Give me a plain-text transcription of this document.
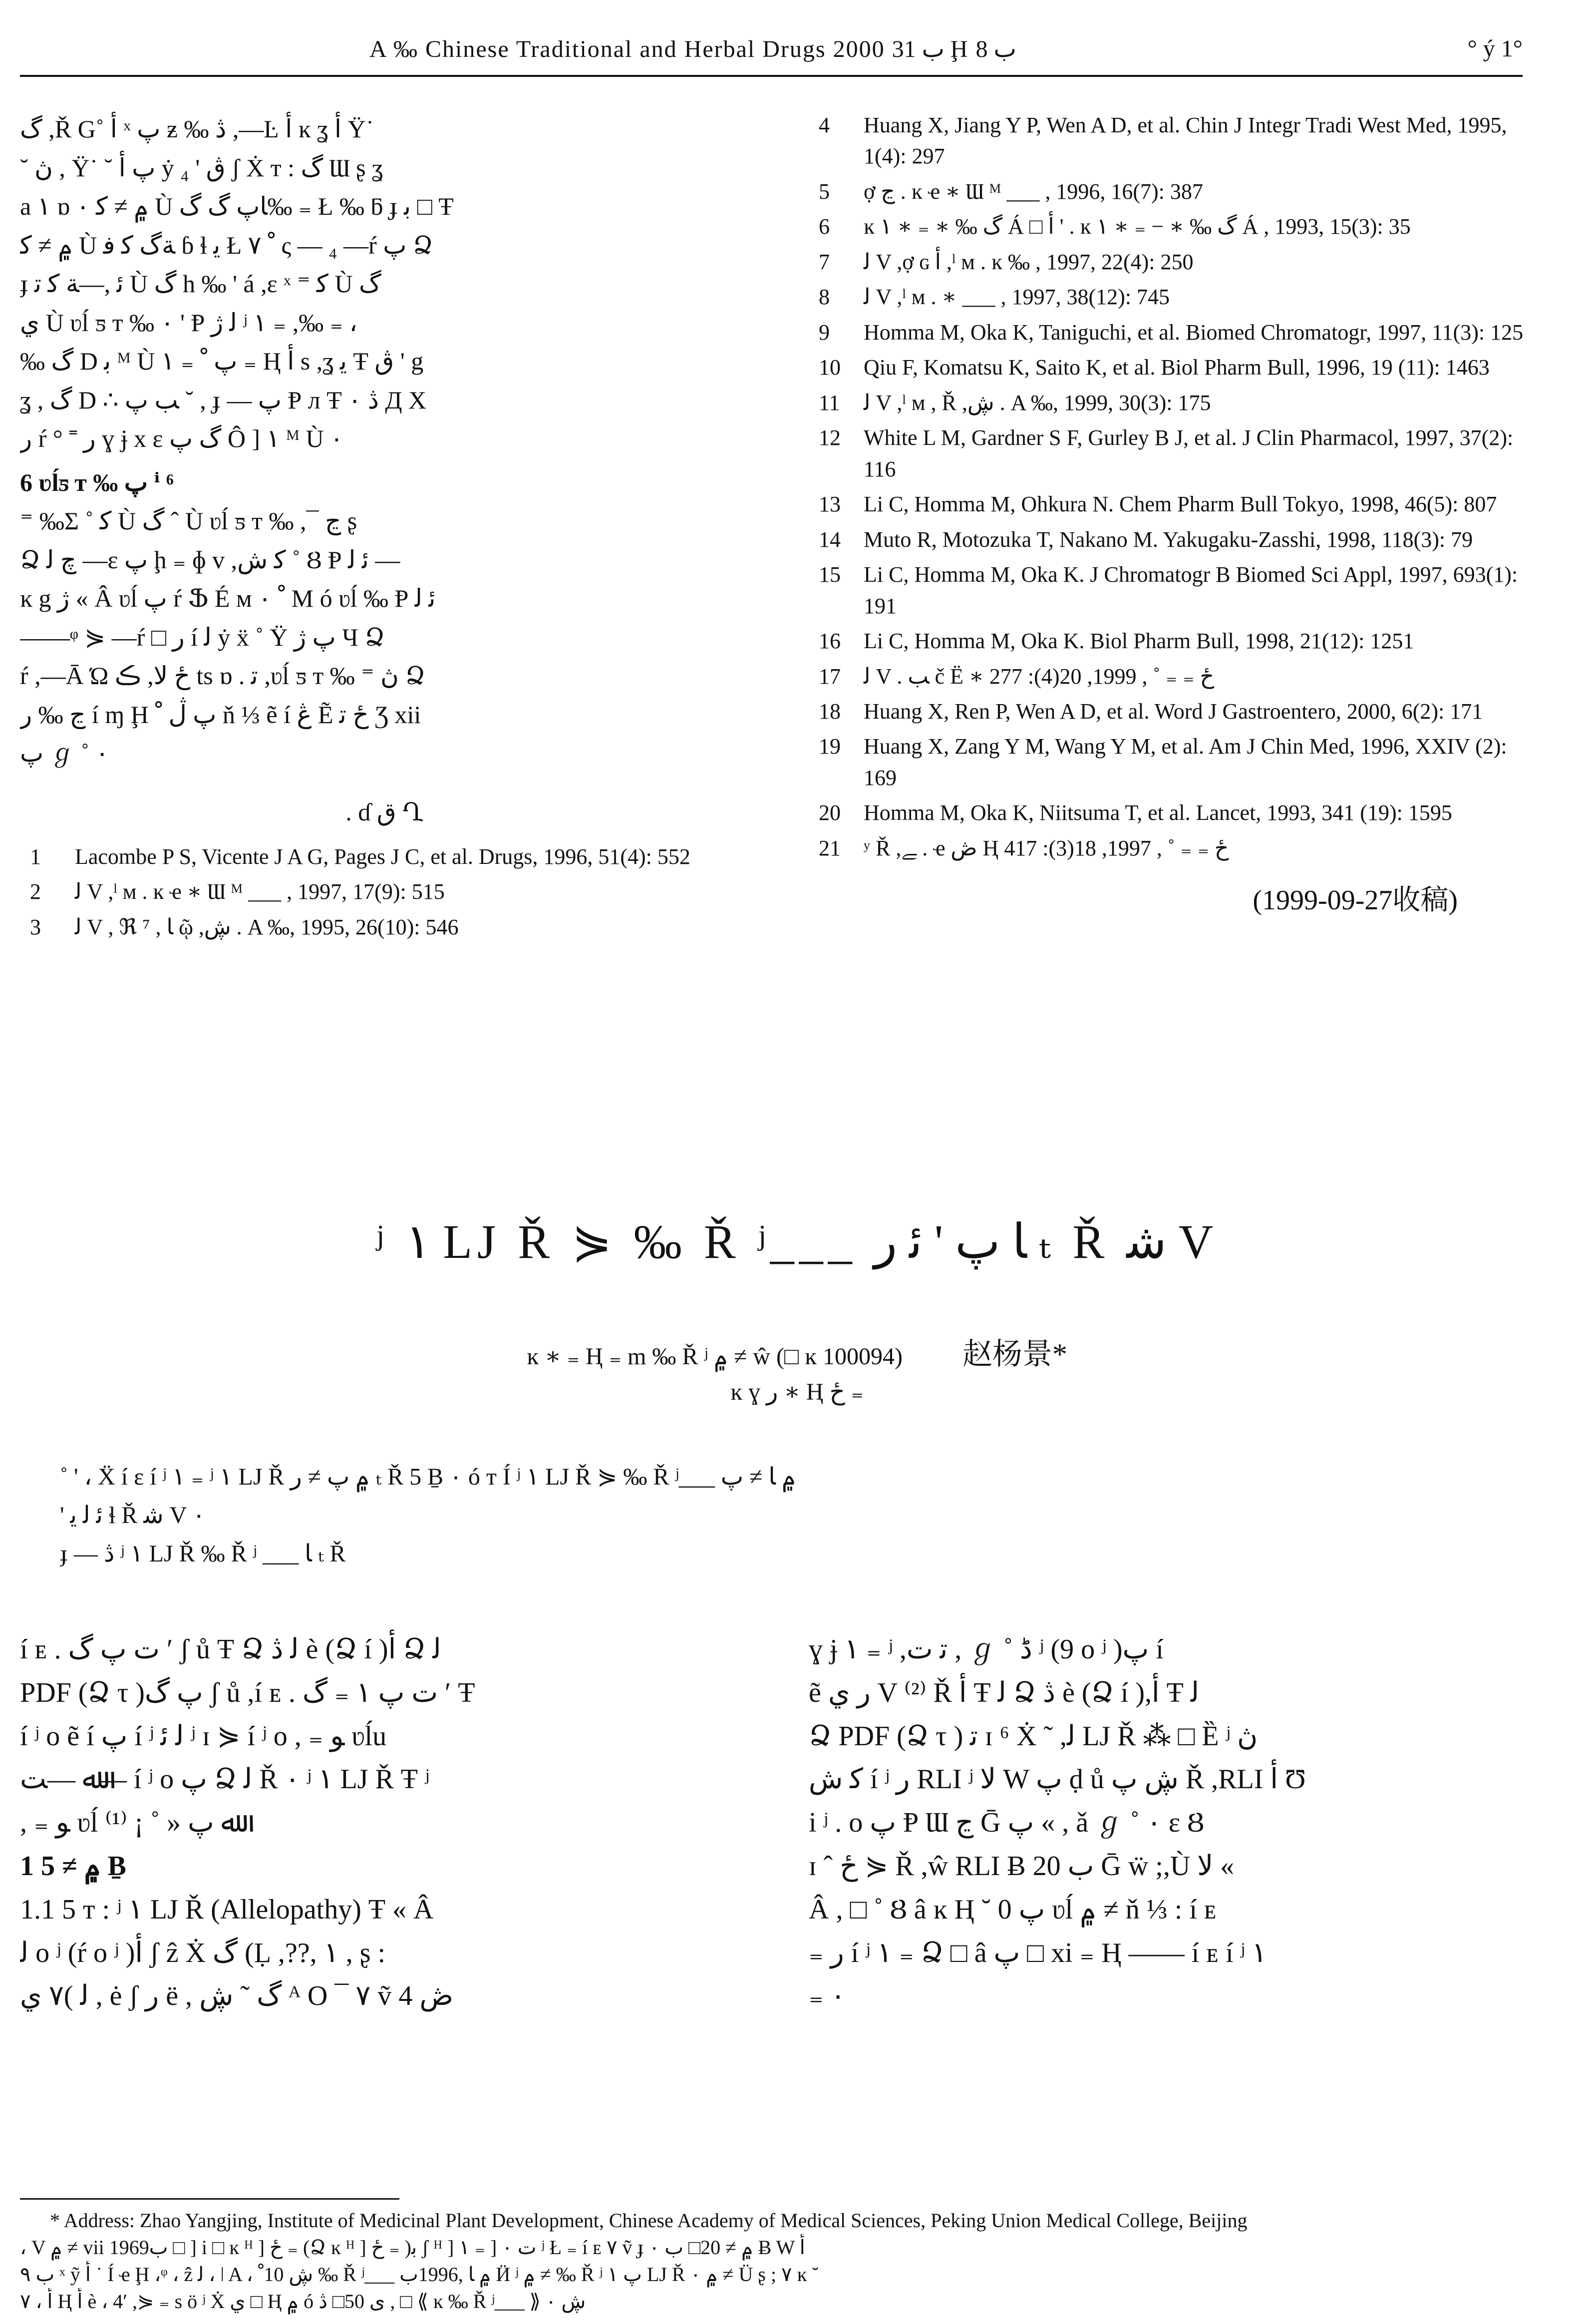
A ‰ Chinese Traditional and Herbal Drugs 2000 ب 31 Ḩ ب 8	° ý 1°

گ ,Ř G˚ ﺃ ˣ پ ƶ ‰ ڎ ,—Ŀ ﺃ ĸ ʓ ﺃ Ÿ˙

˘ ڽ , Ÿ˙ ˘ پ ﺃ ẏ ڨ ' ₄ ʃ Ẋ т : گ Ɯ ʂ ʓ

a ۱ ɒ ۰ ۾ ≠ ﻛ Ù گ‎ ﺎپ گ‰ ₌ Ł ‰ ƃ ɟ ﺑ □ Ŧ

۾ ≠ ﻛ Ù ﺔگ ﻛ ﻓ ɓ ɬ ﻳ Ł ﹾ ۷ ς — ₄ —ŕ پ Ձ

ɟ ﺋ ,—ﺔ ﻛ ﺗ Ù گ h ‰ ' á ,ε ˣ ⁼ ﻛ Ù گ

ي Ù ʋĺ ƽ т ‰ ۰ ' Ᵽ ﻟ ژ ʲ ۱ ₌ ,‰ ₌ ،

‰ گ D ﺑ ᴹ Ù ۱ ₌ پ ﹾ ₌ Ⱨ ﺃ s ,ʓ ﻳ Ŧ ڨ ' g

ʓ , گ D ∴ ﺐ پ ˘ , ɟ — پ Ᵽ л Ŧ ۰ ڎ Д X

ﺭ ŕ ° ˭ ﺭ ɣ ɉ x ε گ پ Ô ] ۱ ᴹ Ù ۰

6 ʋĺƽ т ‰ پ ⁱ ⁶

⁼ ‰Σ ˚ ﻛ Ù گ ˆ Ù ʋĺ ƽ т ‰ ,¯ ڃ ʂ

Ձ ﭺ ﻟ —ɛ پ ḩ ₌ ɸ v ,ﻛ ش ˚ Ȣ Ᵽ ﺋ ﻟ —

ĸ g ژ « Â ʋĺ پ ŕ Ֆ É м ۰ ﹾ M ó ʋĺ ‰ Ᵽ ﺋ ﻟ

——ᵠ ⋟ —ŕ □ ﺭ í ﻟ ẏ ẍ ˚ Ÿ پ ژ Ч Ձ

ŕ ,—Ā Ώ ځ ﻻ, ڪ ts ɒ . ﺗ ,ʋĺ ƽ т ‰ ⁼ ڽ Ձ

ڃ ‰ ﺭ í ɱ Ḩ پ ڷ ﹾ ň ⅓ ẽ í ڠ Ẽ ځ ﺗ Ʒ xii

پ ℊ ˚ ۰

. ɗ ق Ղ

1	Lacombe P S, Vicente J A G, Pages J C, et al. Drugs, 1996, 51(4): 552
2	ﻟ V ,ˡ м . ĸ ҽ ∗ Ɯ ᴹ ___ , 1997, 17(9): 515
3	ﻟ V , ℜ ﺎ , ⁷ ῷ ,ڜ . A ‰, 1995, 26(10): 546
4	Huang X, Jiang Y P, Wen A D, et al. Chin J Integr Tradi West Med, 1995, 1(4): 297
5	ợ ڃ . ĸ ҽ ∗ Ɯ ᴹ ___ , 1996, 16(7): 387
6	ĸ ۱ ∗ ₌ ∗ ‰ گ Á □ ﺃ ' . ĸ ۱ ∗ ₌ − ∗ ‰ گ Á , 1993, 15(3): 35
7	ﻟ V ,ợ ɢ ﺃ ,ˡ м . ĸ ‰ , 1997, 22(4): 250
8	ﻟ V ,ˡ м . ∗ ___ , 1997, 38(12): 745
9	Homma M, Oka K, Taniguchi, et al. Biomed Chromatogr, 1997, 11(3): 125
10	Qiu F, Komatsu K, Saito K, et al. Biol Pharm Bull, 1996, 19 (11): 1463
11	ﻟ V ,ˡ м , Ř ,ڜ . A ‰, 1999, 30(3): 175
12	White L M, Gardner S F, Gurley B J, et al. J Clin Pharmacol, 1997, 37(2): 116
13	Li C, Homma M, Ohkura N. Chem Pharm Bull Tokyo, 1998, 46(5): 807
14	Muto R, Motozuka T, Nakano M. Yakugaku-Zasshi, 1998, 118(3): 79
15	Li C, Homma M, Oka K. J Chromatogr B Biomed Sci Appl, 1997, 693(1): 191
16	Li C, Homma M, Oka K. Biol Pharm Bull, 1998, 21(12): 1251
17	ﻟ V . ﺐ č Ë ∗ ځ ₌ ₌ ˚ , 1999, 20(4): 277
18	Huang X, Ren P, Wen A D, et al. Word J Gastroentero, 2000, 6(2): 171
19	Huang X, Zang Y M, Wang Y M, et al. Am J Chin Med, 1996, XXIV (2): 169
20	Homma M, Oka K, Niitsuma T, et al. Lancet, 1993, 341 (19): 1595
21	ʸ Ř ,ﮯ . ҽ ڞ Ⱨ ځ ₌ ₌ ˚ , 1997, 18(3): 417
(1999-09-27收稿)
ʲ ۱ LJ Ř ⋟ ‰ Ř ʲ___ ﺎ پ ' ﺋ ﺭ ₜ Ř ﺷ V
ĸ ∗ ₌ Ⱨ ₌ m ‰ Ř ʲ ۾ ≠ ŵ (□ ĸ 100094) 赵杨景*
ĸ ɣ ﺭ ∗ Ⱨ ځ ₌

˚ ' ، Ẍ í ε í ʲ ۱ ₌ ʲ ۱ LJ Ř ۾ پ ≠ ﺭ ₜ Ř 5 Ḇ ۰ ó т Í ʲ ۱ LJ Ř ⋟ ‰ Ř ʲ___ ۾ ﺎ ≠ پ

' ﺋ ﻟ ﻳ ɬ Ř ﺷ V ۰

ɟ — ڎ ʲ ۱ LJ Ř ‰ Ř ʲ ___ ﺎ ₜ Ř

í ᴇ . ت پ گ ′ ʃ ů Ŧ Ձ ﻟ ڎ è (Ձ í )ﺃ Ձ ﻟ

PDF (Ձ τ )پ گ ʃ ů ,í ᴇ . ت پ ۱ ₌ گ ′ Ŧ

í ʲ o ẽ í پ í ʲ ﻟ ﺋ ʲ ɪ ⋟ í ʲ o , ₌ ﻮ ʋĺu

ﷲ —ﺖ— í ʲ o پ Ձ ﻟ Ř ۰ ʲ ۱ LJ Ř Ŧ ʲ

, ₌ ﻮ ʋĺ ﷲ پ « ˚ ¡ ⁽¹⁾

1 ۾ ≠ 5 Ḇ

1.1 5 т : ʲ ۱ LJ Ř (Allelopathy) Ŧ « Â

ﻟ o ʲ (ŕ o ʲ )ﺃ ʃ ẑ Ẋ گ (Ḷ ,??, ۱ , ʂ :

ﻟ )۷ ي , ė ʃ ﺭ ë , گ ˜ ڜ ᴬ O ¯ ۷ ṽ 4 ڞ

ɣ ɉ ۱ ₌ ʲ ,ﺗ ت , ℊ ˚ ڈ ʲ (9 o ʲ )پ í

ẽ ﺭ ي V ⁽²⁾ Ř ﺃ Ŧ ﻟ Ձ ڎ è (Ձ í ),ﺃ Ŧ ﻟ

Ձ PDF (Ձ τ ) ﺗ ɪ ⁶ Ẋ ˜ ,ﻟ LJ Ř ⁂ □ Ȅ ʲ ڽ

ﻛ ش í ʲ ﺭ RLI ʲ ﻻ W پ ḍ ů ڜ پ Ř ,RLI ﺃ Ʊ

i ʲ . o پ Ᵽ Ɯ ڃ Ḡ پ « , ǎ ℊ ˚ ۰ ε Ȣ

ɪ ˆ ځ ⋟ Ř ,ŵ RLI Ƀ 20 ب Ḡ ẅ ;,Ù ﻻ «

Â , □ ˚ Ȣ â ĸ Ⱨ ˘ 0 پ ʋĺ ۾ ≠ ň ⅓ : í ᴇ

₌ ﺭ í ʲ ۱ ₌ Ձ □ â پ □ xi ₌ Ⱨ —— í ᴇ í ʲ ۱

₌ ۰

* Address: Zhao Yangjing, Institute of Medicinal Plant Development, Chinese Academy of Medical Sciences, Peking Union Medical College, Beijing

، V ۾ ≠ vii 1969ب □ ] i □ ĸ ᴴ ] ځ ₌ (Ձ ĸ ᴴ ] ځ ₌ )ﺑ ʃ ᴴ ] ۱ ₌ ] ۰ ت ʲ Ł ₌ í ᴇ ۷ ṽ ɟ ۾ ≠ 20□ ب ۰ Ƀ W ﺃ

ب ٩ ˣ ỹ ﺃ ˙ Í ҽ Ḩ ،ᵠ ، ẑ ﻟ ، ǀ A ، ڜ 10ﹾ ‰ Ř ʲ___ ۾ ﺎ ,1996ب Ӥ ʲ ۾ ≠ ‰ Ř ʲ پ ۱ LJ Ř ۰ ۾ ≠ Ü ʂ ; ۷ ĸ ˘

۷ ، ﺃ Ⱨ ﺃ è ، 4′ ,⋟ ₌ s ö ʲ Ẋ ي □ Ⱨ ۾ ó ى 50□ ڎ , □ ⟪ ĸ ‰ Ř ʲ___ ⟫ ڜ ۰
